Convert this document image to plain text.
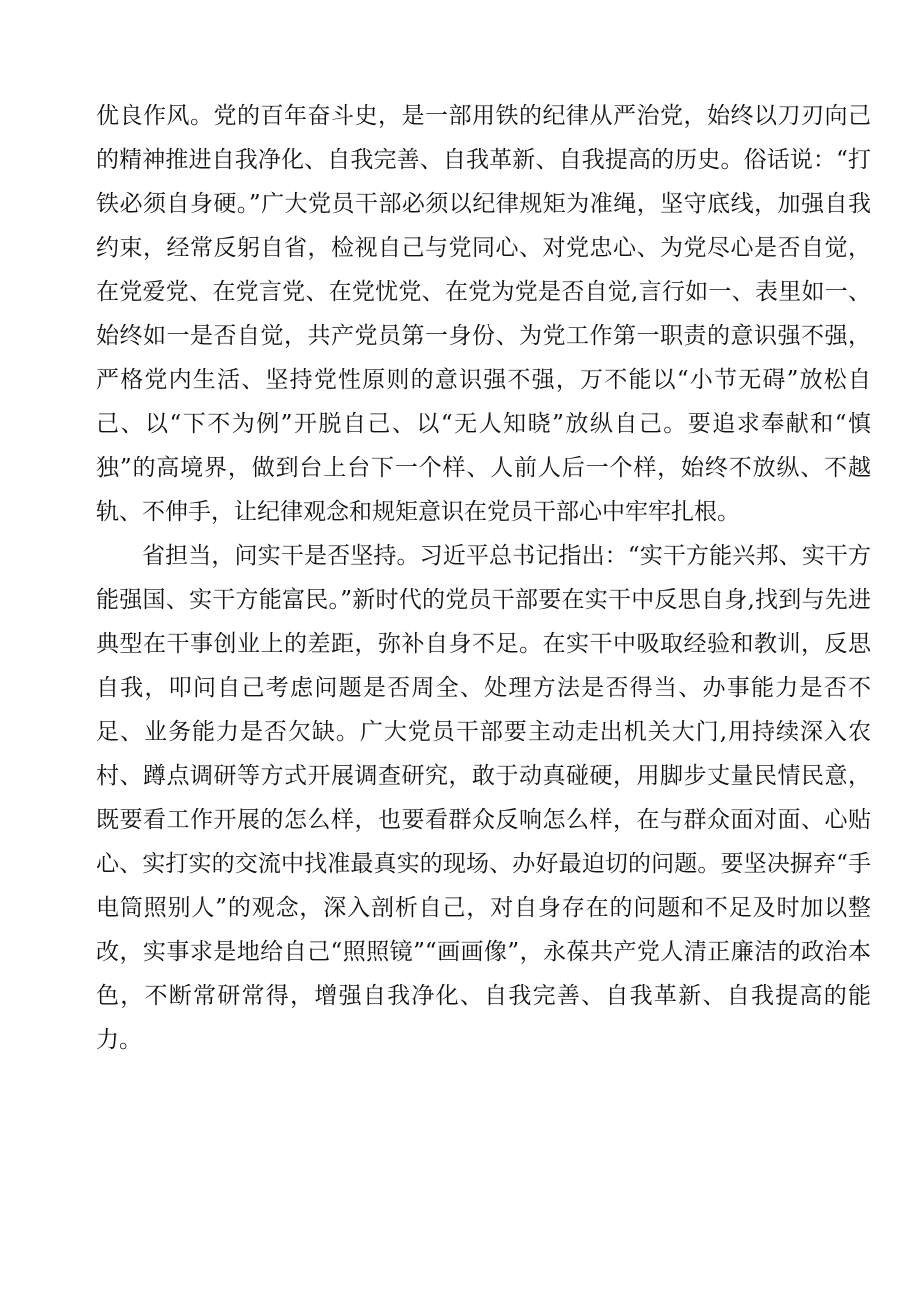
优良作风。党的百年奋斗史，是一部用铁的纪律从严治党，始终以刀刃向己的精神推进自我净化、自我完善、自我革新、自我提高的历史。俗话说：“打铁必须自身硬。”广大党员干部必须以纪律规矩为准绳，坚守底线，加强自我约束，经常反躬自省，检视自己与党同心、对党忠心、为党尽心是否自觉，在党爱党、在党言党、在党忧党、在党为党是否自觉,言行如一、表里如一、始终如一是否自觉，共产党员第一身份、为党工作第一职责的意识强不强，严格党内生活、坚持党性原则的意识强不强，万不能以“小节无碍”放松自己、以“下不为例”开脱自己、以“无人知晓”放纵自己。要追求奉献和“慎独”的高境界，做到台上台下一个样、人前人后一个样，始终不放纵、不越轨、不伸手，让纪律观念和规矩意识在党员干部心中牢牢扎根。

省担当，问实干是否坚持。习近平总书记指出：“实干方能兴邦、实干方能强国、实干方能富民。”新时代的党员干部要在实干中反思自身,找到与先进典型在干事创业上的差距，弥补自身不足。在实干中吸取经验和教训，反思自我，叩问自己考虑问题是否周全、处理方法是否得当、办事能力是否不足、业务能力是否欠缺。广大党员干部要主动走出机关大门,用持续深入农村、蹲点调研等方式开展调查研究，敢于动真碰硬，用脚步丈量民情民意，既要看工作开展的怎么样，也要看群众反响怎么样，在与群众面对面、心贴心、实打实的交流中找准最真实的现场、办好最迫切的问题。要坚决摒弃“手电筒照别人”的观念，深入剖析自己，对自身存在的问题和不足及时加以整改，实事求是地给自己“照照镜”“画画像”，永葆共产党人清正廉洁的政治本色，不断常研常得，增强自我净化、自我完善、自我革新、自我提高的能力。
